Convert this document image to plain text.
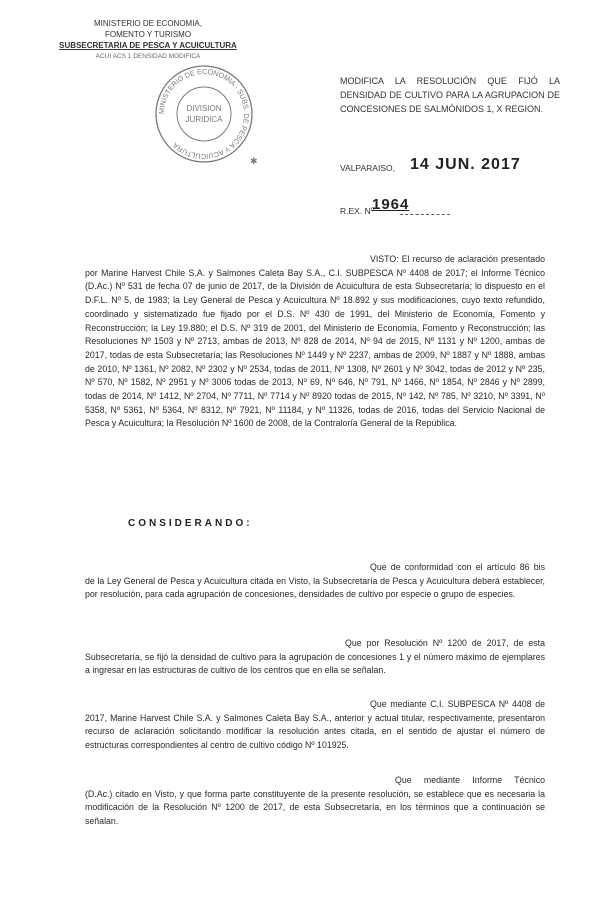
MINISTERIO DE ECONOMIA,
FOMENTO Y TURISMO
SUBSECRETARIA DE PESCA Y ACUICULTURA
ACUI ACS 1 DENSIDAD MODIFICA
MINISTERIO DE ECONOMIA · SUBS. DE PESCA Y ACUICULTURA
DIVISION
JURIDICA
✱
MODIFICA LA RESOLUCIÓN QUE FIJÓ LA DENSIDAD DE CULTIVO PARA LA AGRUPACION DE CONCESIONES DE SALMÓNIDOS 1, X REGION.
VALPARAISO, 14 JUN. 2017
R.EX. Nº
1964
VISTO: El recurso de aclaración presentado por Marine Harvest Chile S.A. y Salmones Caleta Bay S.A., C.I. SUBPESCA Nº 4408 de 2017; el Informe Técnico (D.Ac.) Nº 531 de fecha 07 de junio de 2017, de la División de Acuicultura de esta Subsecretaría; lo dispuesto en el D.F.L. Nº 5, de 1983; la Ley General de Pesca y Acuicultura Nº 18.892 y sus modificaciones, cuyo texto refundido, coordinado y sistematizado fue fijado por el D.S. Nº 430 de 1991, del Ministerio de Economía, Fomento y Reconstrucción; la Ley 19.880; el D.S. Nº 319 de 2001, del Ministerio de Economía, Fomento y Reconstrucción; las Resoluciones Nº 1503 y Nº 2713, ambas de 2013, Nº 828 de 2014, Nº 94 de 2015, Nº 1131 y Nº 1200, ambas de 2017, todas de esta Subsecretaría; las Resoluciones Nº 1449 y Nº 2237, ambas de 2009, Nº 1887 y Nº 1888, ambas de 2010, Nº 1361, Nº 2082, Nº 2302 y Nº 2534, todas de 2011, Nº 1308, Nº 2601 y Nº 3042, todas de 2012 y Nº 235, Nº 570, Nº 1582, Nº 2951 y Nº 3006 todas de 2013, Nº 69, Nº 646, Nº 791, Nº 1466, Nº 1854, Nº 2846 y Nº 2899, todas de 2014, Nº 1412, Nº 2704, Nº 7711, Nº 7714 y Nº 8920 todas de 2015, Nº 142, Nº 785, Nº 3210, Nº 3391, Nº 5358, Nº 5361, Nº 5364, Nº 8312, Nº 7921, Nº 11184, y Nº 11326, todas de 2016, todas del Servicio Nacional de Pesca y Acuicultura; la Resolución Nº 1600 de 2008, de la Contraloría General de la República.
CONSIDERANDO:
Que de conformidad con el artículo 86 bis de la Ley General de Pesca y Acuicultura citada en Visto, la Subsecretaría de Pesca y Acuicultura deberá establecer, por resolución, para cada agrupación de concesiones, densidades de cultivo por especie o grupo de especies.
Que por Resolución Nº 1200 de 2017, de esta Subsecretaría, se fijó la densidad de cultivo para la agrupación de concesiones 1 y el número máximo de ejemplares a ingresar en las estructuras de cultivo de los centros que en ella se señalan.
Que mediante C.I. SUBPESCA Nº 4408 de 2017, Marine Harvest Chile S.A. y Salmones Caleta Bay S.A., anterior y actual titular, respectivamente, presentaron recurso de aclaración solicitando modificar la resolución antes citada, en el sentido de ajustar el número de estructuras correspondientes al centro de cultivo código Nº 101925.
Que mediante Informe Técnico (D.Ac.) citado en Visto, y que forma parte constituyente de la presente resolución, se establece que es necesaria la modificación de la Resolución Nº 1200 de 2017, de esta Subsecretaría, en los términos que a continuación se señalan.
